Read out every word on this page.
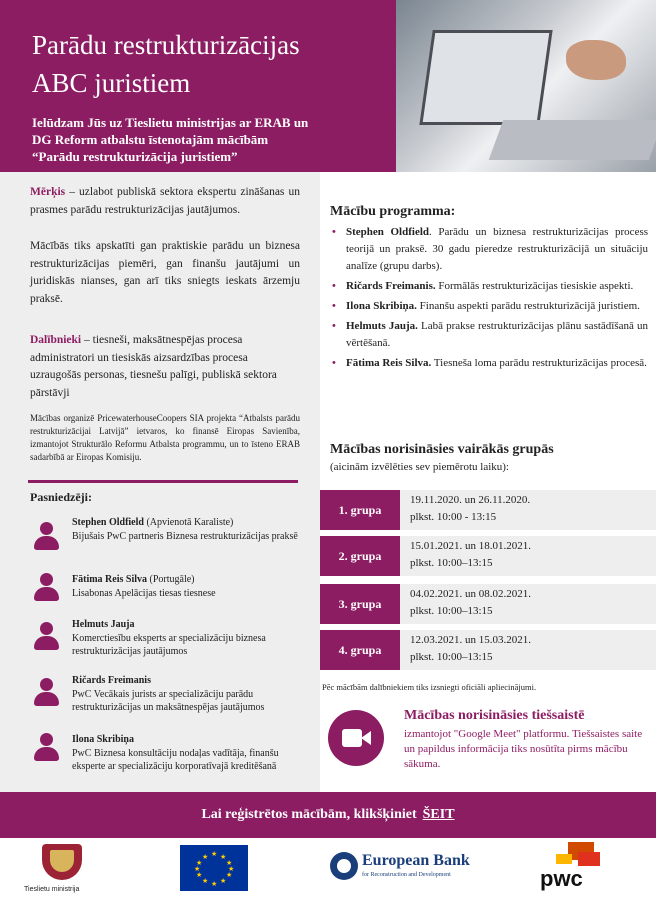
Parādu restrukturizācijas
ABC juristiem
Ielūdzam Jūs uz Tieslietu ministrijas ar ERAB un
DG Reform atbalstu īstenotajām mācībām
“Parādu restrukturizācija juristiem”
Mērķis – uzlabot publiskā sektora ekspertu zināšanas un prasmes parādu restrukturizācijas jautājumos.
Mācībās tiks apskatīti gan praktiskie parādu un biznesa restrukturizācijas piemēri, gan finanšu jautājumi un juridiskās nianses, gan arī tiks sniegts ieskats ārzemju praksē.
Dalībnieki – tiesneši, maksātnespējas procesa administratori un tiesiskās aizsardzības procesa uzraugošās personas, tiesnešu palīgi, publiskā sektora pārstāvji
Mācības organizē PricewaterhouseCoopers SIA projekta “Atbalsts parādu restrukturizācijai Latvijā” ietvaros, ko finansē Eiropas Savienība, izmantojot Strukturālo Reformu Atbalsta programmu, un to īsteno ERAB sadarbībā ar Eiropas Komisiju.
Pasniedzēji:
Stephen Oldfield (Apvienotā Karaliste)
Bijušais PwC partneris Biznesa restrukturizācijas praksē
Fātima Reis Silva (Portugāle)
Lisabonas Apelācijas tiesas tiesnese
Helmuts Jauja
Komerctiesību eksperts ar specializāciju biznesa restrukturizācijas jautājumos
Ričards Freimanis
PwC Vecākais jurists ar specializāciju parādu restrukturizācijas un maksātnespējas jautājumos
Ilona Skribiņa
PwC Biznesa konsultāciju nodaļas vadītāja, finanšu eksperte ar specializāciju korporatīvajā kreditēšanā
Mācību programma:
• Stephen Oldfield. Parādu un biznesa restrukturizācijas process teorijā un praksē. 30 gadu pieredze restrukturizācijā un situāciju analīze (grupu darbs).
• Ričards Freimanis. Formālās restrukturizācijas tiesiskie aspekti.
• Ilona Skribiņa. Finanšu aspekti parādu restrukturizācijā juristiem.
• Helmuts Jauja. Labā prakse restrukturizācijas plānu sastādīšanā un vērtēšanā.
• Fātima Reis Silva. Tiesneša loma parādu restrukturizācijas procesā.
Mācības norisināsies vairākās grupās
(aicinām izvēlēties sev piemērotu laiku):
1. grupa
19.11.2020. un 26.11.2020.
plkst. 10:00 - 13:15
2. grupa
15.01.2021. un 18.01.2021.
plkst. 10:00–13:15
3. grupa
04.02.2021. un 08.02.2021.
plkst. 10:00–13:15
4. grupa
12.03.2021. un 15.03.2021.
plkst. 10:00–13:15
Pēc mācībām dalībniekiem tiks izsniegti oficiāli apliecinājumi.
Mācības norisināsies tiešsaistē
izmantojot "Google Meet" platformu. Tiešsaistes saite un papildus informācija tiks nosūtīta pirms mācību sākuma.
Lai reģistrētos mācībām, klikšķiniet ŠEIT
Tieslietu ministrija
★ ★
★
★
★
★
★
★
★
★
★
★	European Bank
for Reconstruction and Development	pwc
